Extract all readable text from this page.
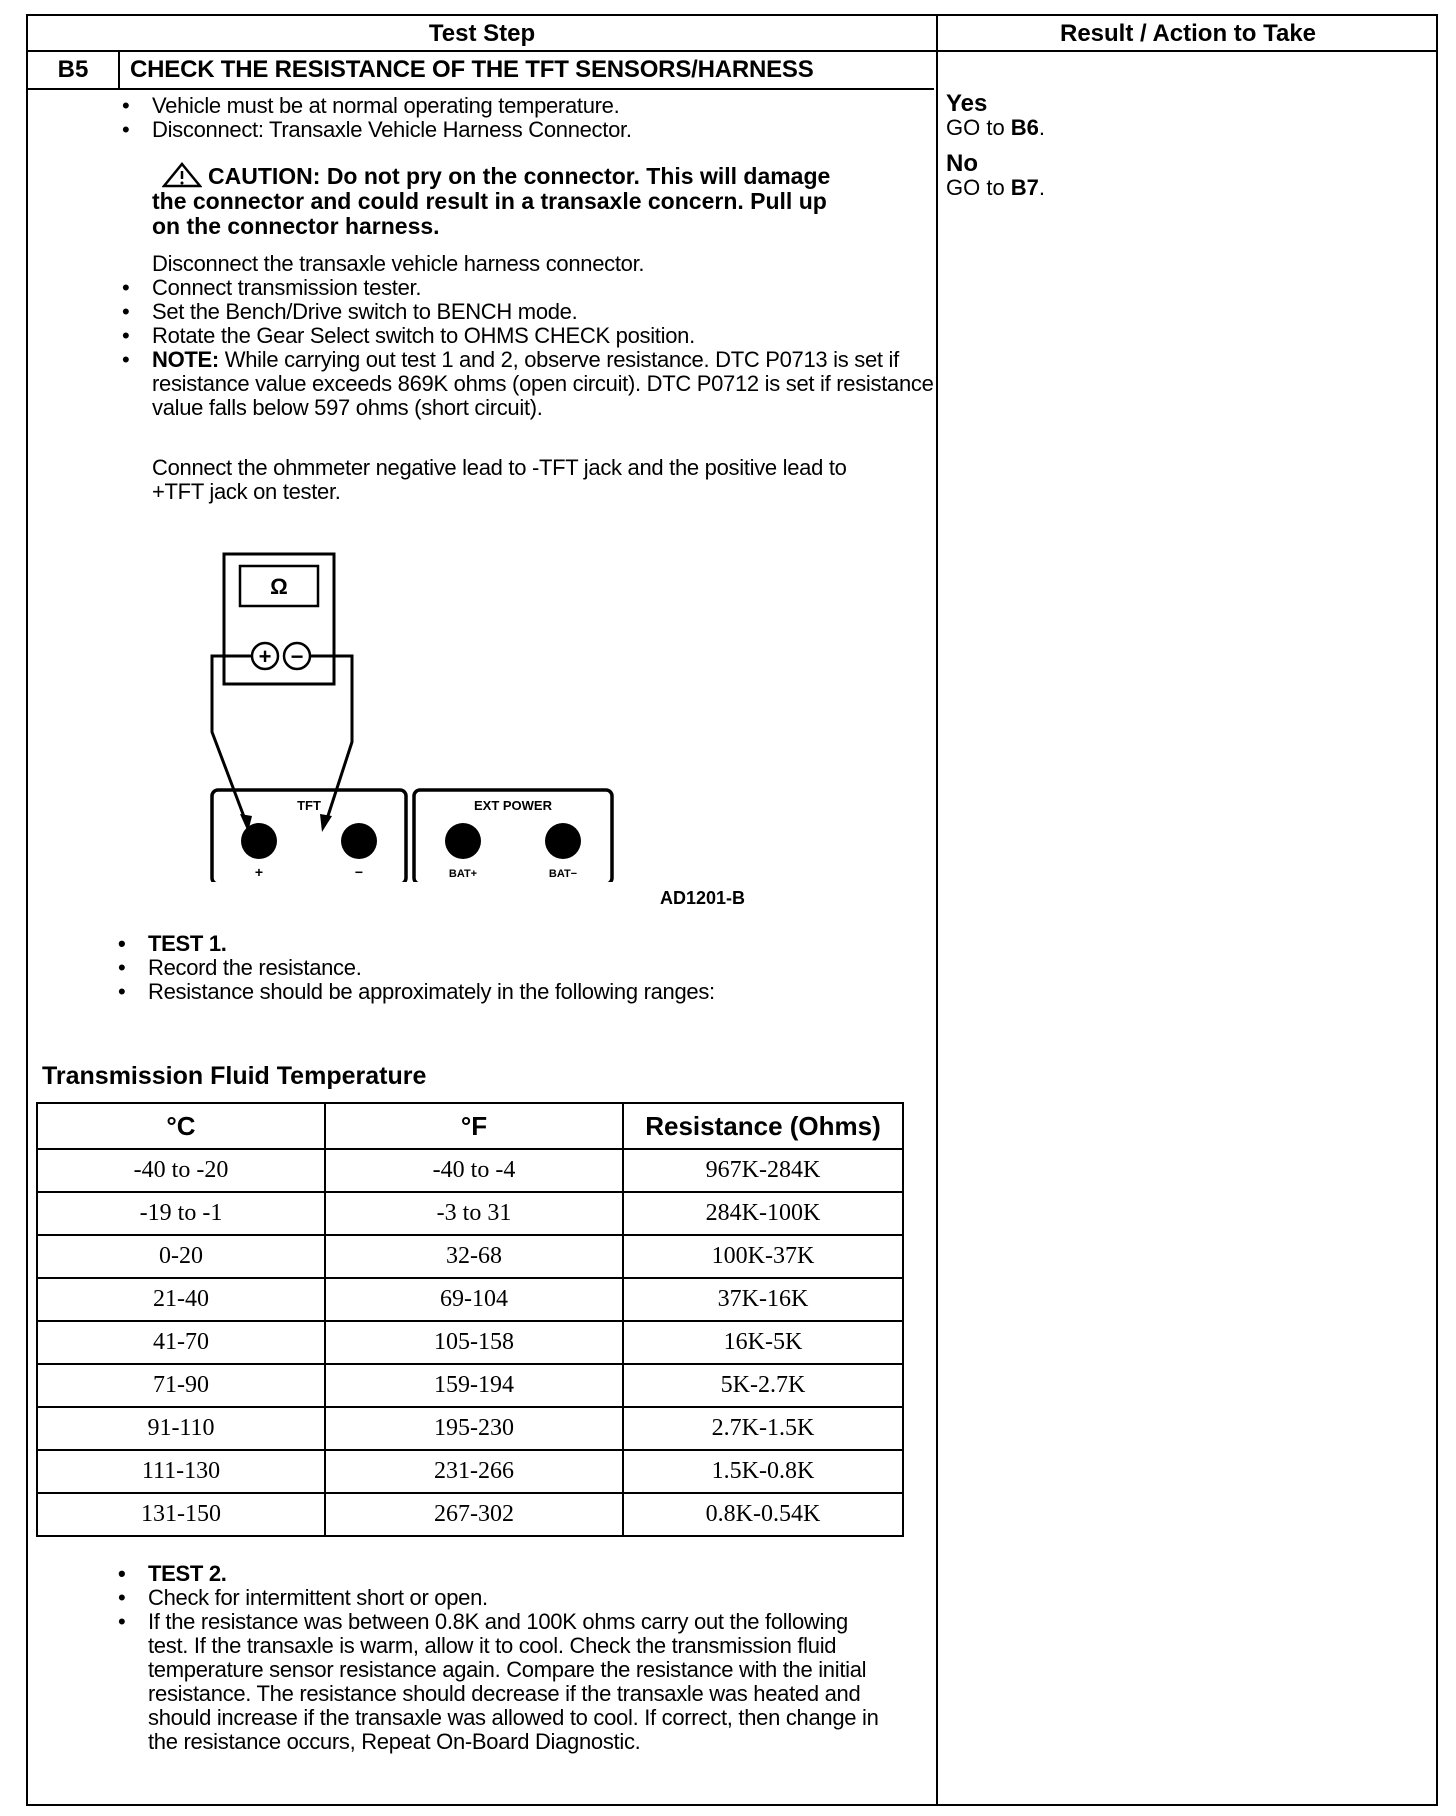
Test Step	Result / Action to Take
B5	CHECK THE RESISTANCE OF THE TFT SENSORS/HARNESS
• Vehicle must be at normal operating temperature.
• Disconnect: Transaxle Vehicle Harness Connector.
CAUTION: Do not pry on the connector. This will damage the connector and could result in a transaxle concern. Pull up on the connector harness.
Disconnect the transaxle vehicle harness connector.
• Connect transmission tester.
• Set the Bench/Drive switch to BENCH mode.
• Rotate the Gear Select switch to OHMS CHECK position.
• NOTE: While carrying out test 1 and 2, observe resistance. DTC P0713 is set if resistance value exceeds 869K ohms (open circuit). DTC P0712 is set if resistance value falls below 597 ohms (short circuit).
Connect the ohmmeter negative lead to -TFT jack and the positive lead to +TFT jack on tester.
Ω
+ −
TFT
+	−
EXT POWER
BAT+	BAT−
AD1201-B
• TEST 1.
• Record the resistance.
• Resistance should be approximately in the following ranges:
Transmission Fluid Temperature
°C	°F	Resistance (Ohms)
-40 to -20	-40 to -4	967K-284K
-19 to -1	-3 to 31	284K-100K
0-20	32-68	100K-37K
21-40	69-104	37K-16K
41-70	105-158	16K-5K
71-90	159-194	5K-2.7K
91-110	195-230	2.7K-1.5K
111-130	231-266	1.5K-0.8K
131-150	267-302	0.8K-0.54K
• TEST 2.
• Check for intermittent short or open.
• If the resistance was between 0.8K and 100K ohms carry out the following test. If the transaxle is warm, allow it to cool. Check the transmission fluid temperature sensor resistance again. Compare the resistance with the initial resistance. The resistance should decrease if the transaxle was heated and should increase if the transaxle was allowed to cool. If correct, then change in the resistance occurs, Repeat On-Board Diagnostic.
Yes
GO to B6.
No
GO to B7.
